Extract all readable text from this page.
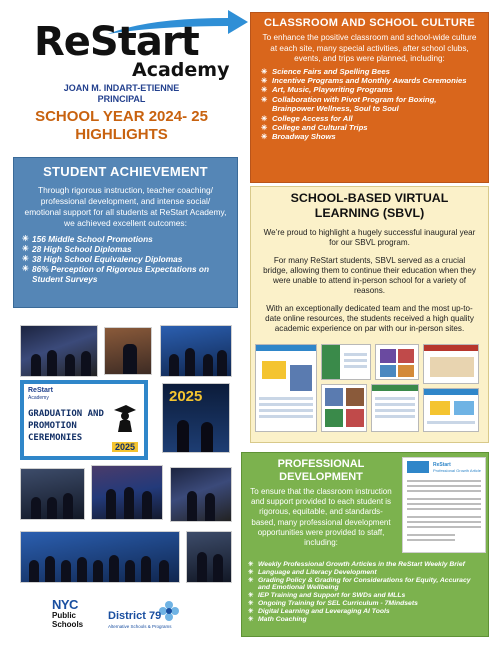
ReStart
Academy
JOAN M. INDART-ETIENNE
PRINCIPAL
SCHOOL YEAR 2024- 25
HIGHLIGHTS
STUDENT ACHIEVEMENT

Through rigorous instruction, teacher coaching/ professional development, and intense social/ emotional support for all students at ReStart Academy, we achieved excellent outcomes:

✳ 156 Middle School Promotions
✳ 28 High School Diplomas
✳ 38 High School Equivalency Diplomas
✳ 86% Perception of Rigorous Expectations on Student Surveys
ReStart
Academy
GRADUATION AND
PROMOTION
CEREMONIES
2025
2025
NYC
Public
Schools
District 79
Alternative Schools & Programs
CLASSROOM AND SCHOOL CULTURE

To enhance the positive classroom and school-wide culture at each site, many special activities, after school clubs, events, and trips were planned, including:

✳ Science Fairs and Spelling Bees
✳ Incentive Programs and Monthly Awards Ceremonies
✳ Art, Music, Playwriting Programs
✳ Collaboration with Pivot Program for Boxing, Brainpower Wellness, Soul to Soul
✳ College Access for All
✳ College and Cultural Trips
✳ Broadway Shows
SCHOOL-BASED VIRTUAL
LEARNING (SBVL)

We’re proud to highlight a hugely successful inaugural year for our SBVL program.

For many ReStart students, SBVL served as a crucial bridge, allowing them to continue their education when they were unable to attend in-person school for a variety of reasons.

With an exceptionally dedicated team and the most up-to-date online resources, the students received a high quality academic experience on par with our in-person sites.

PROFESSIONAL
DEVELOPMENT

To ensure that the classroom instruction and support provided to each student is rigorous, equitable, and standards-based, many professional development opportunities were provided to staff, including:

ReStart
Professional Growth Article
✳ Weekly Professional Growth Articles in the ReStart Weekly Brief
✳ Language and Literacy Development
✳ Grading Policy & Grading for Considerations for Equity, Accuracy and Emotional Wellbeing
✳ IEP Training and Support for SWDs and MLLs
✳ Ongoing Training for SEL Curriculum - 7Mindsets
✳ Digital Learning and Leveraging AI Tools
✳ Math Coaching
